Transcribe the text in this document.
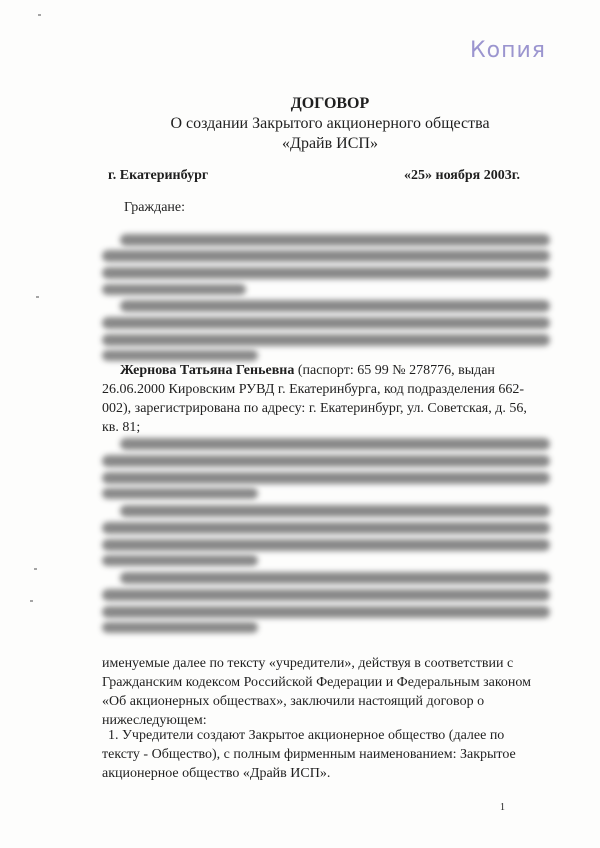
Копия
ДОГОВОР
О создании Закрытого акционерного общества
«Драйв ИСП»
г. Екатеринбург	«25» ноября 2003г.
Граждане:
Жернова Татьяна Геньевна (паспорт: 65 99 № 278776, выдан
26.06.2000 Кировским РУВД г. Екатеринбурга, код подразделения 662-
002), зарегистрирована по адресу: г. Екатеринбург, ул. Советская, д. 56,
кв. 81;
именуемые далее по тексту «учредители», действуя в соответствии с
Гражданским кодексом Российской Федерации и Федеральным законом
«Об акционерных обществах», заключили настоящий договор о
нижеследующем:
1. Учредители создают Закрытое акционерное общество (далее по
тексту - Общество), с полным фирменным наименованием: Закрытое
акционерное общество «Драйв ИСП».
1
